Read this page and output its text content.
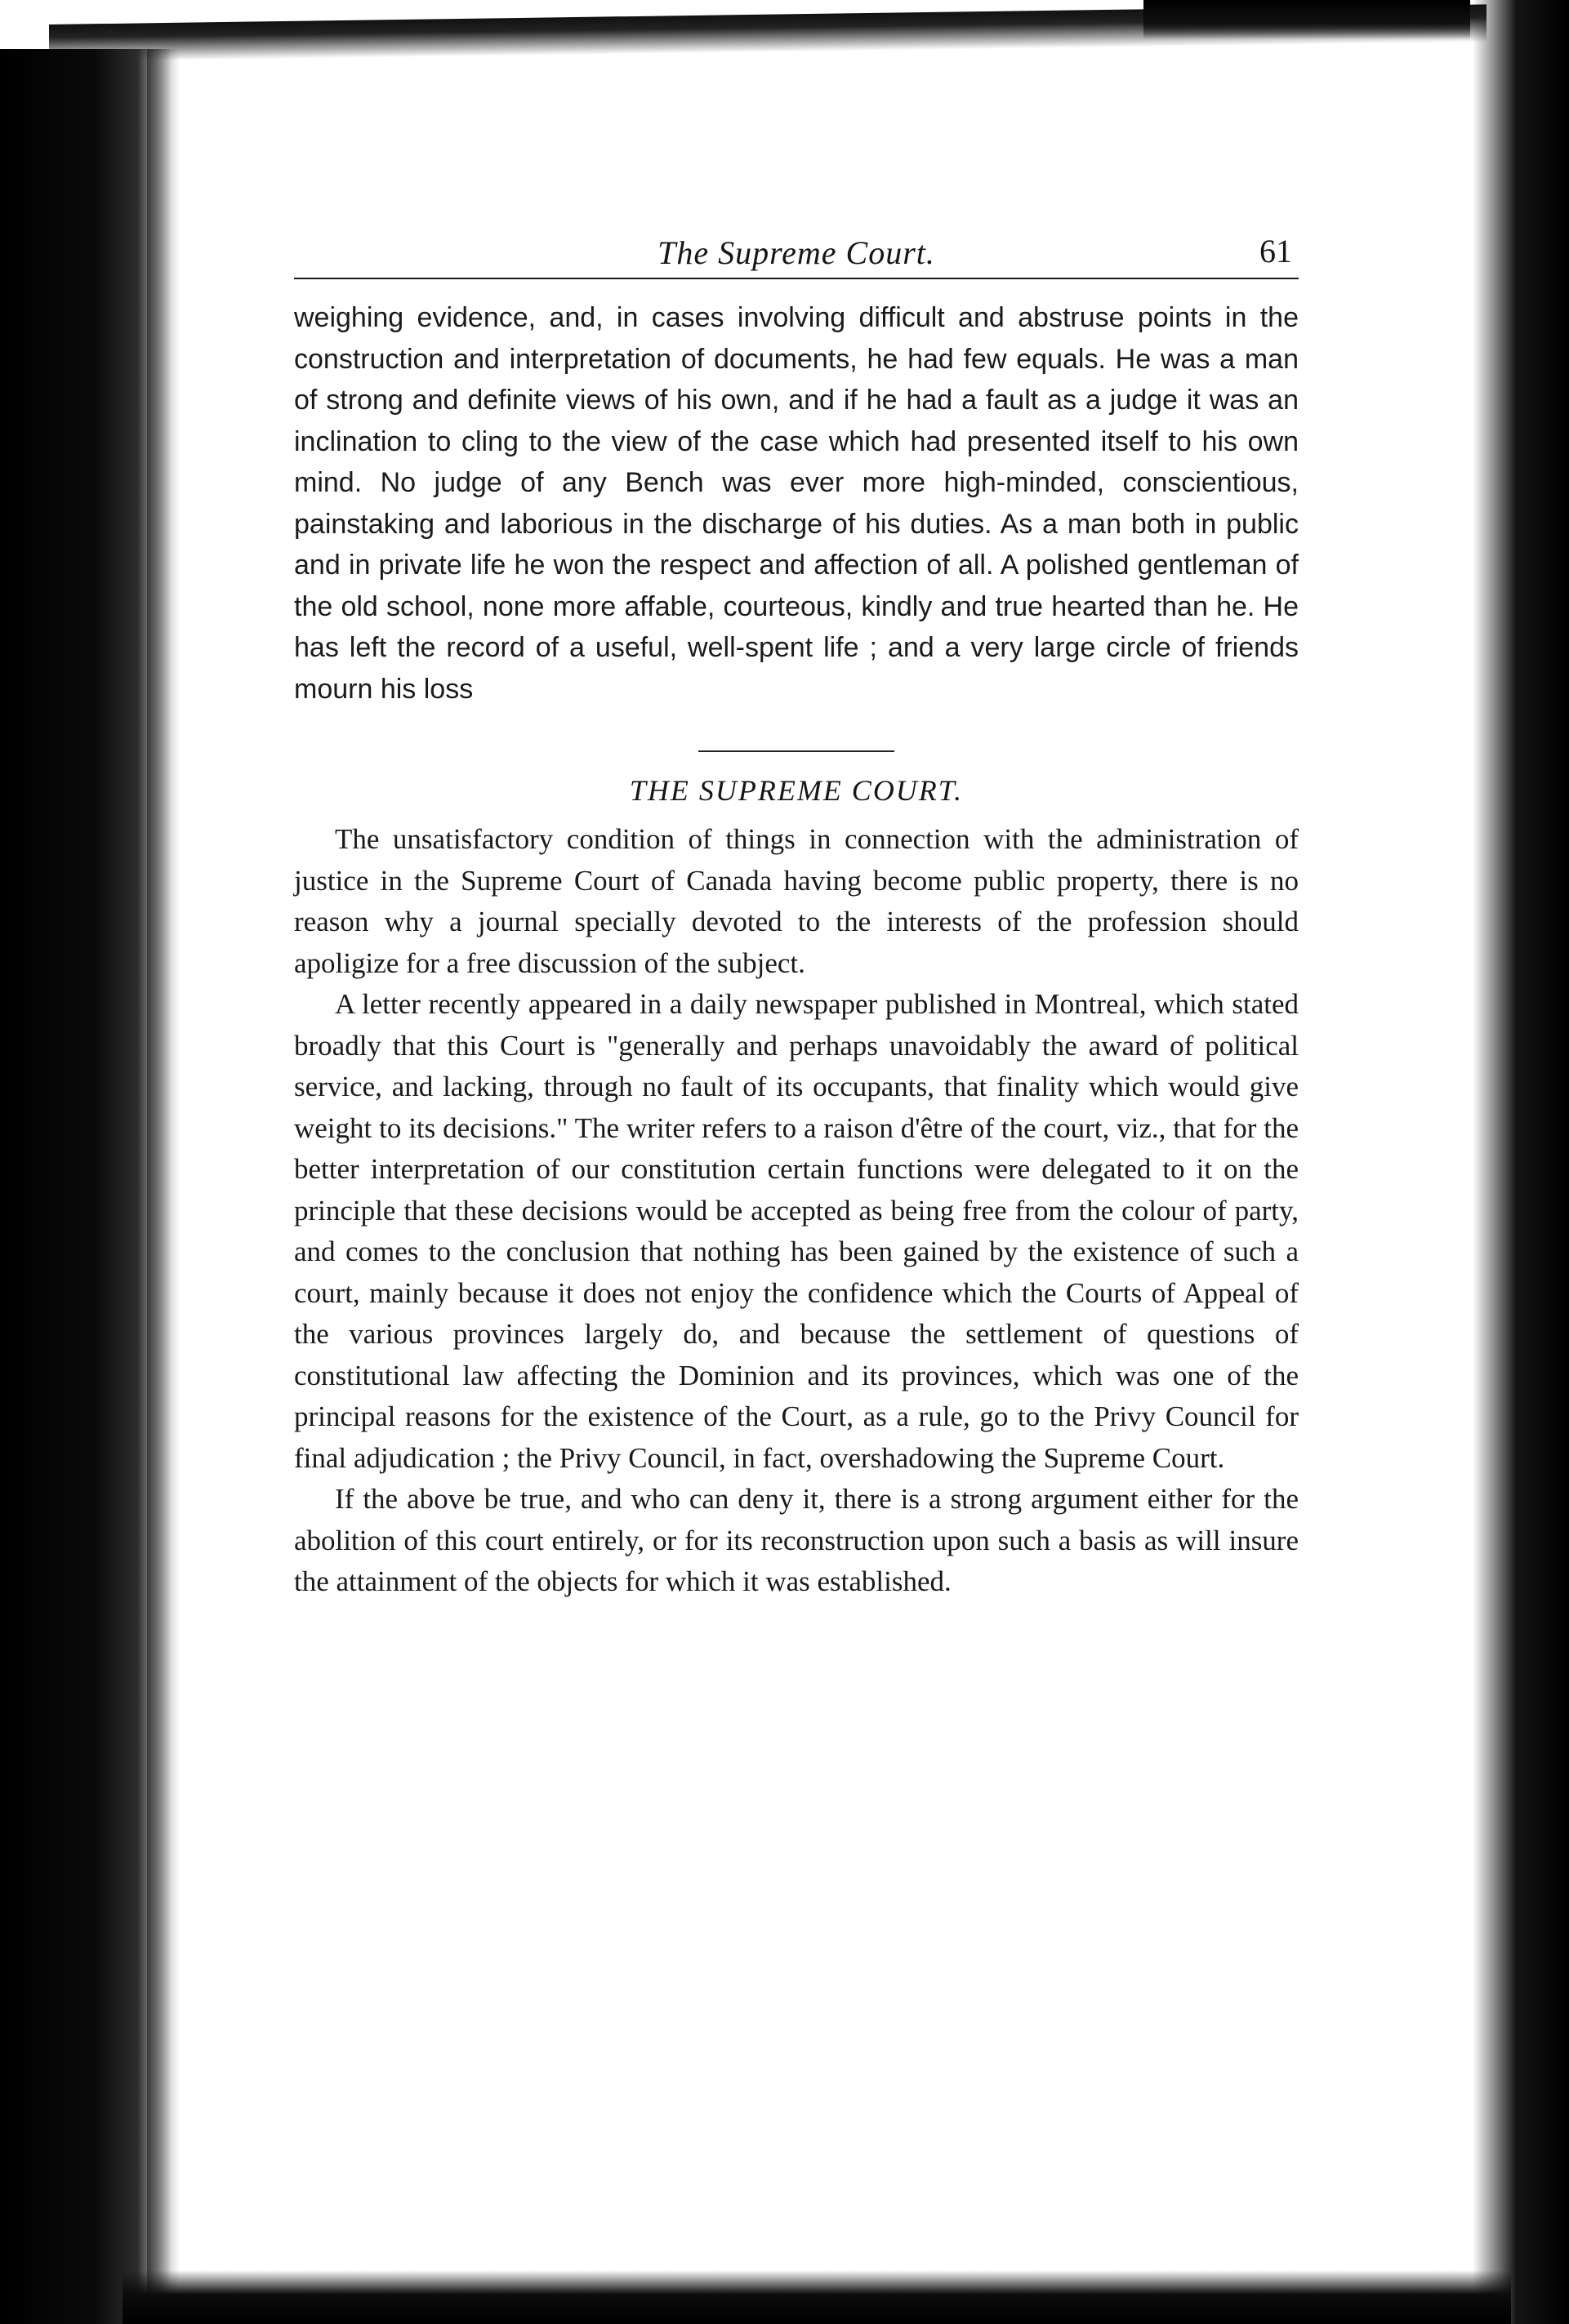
The Supreme Court.	61

weighing evidence, and, in cases involving difficult and abstruse points in the construction and interpretation of documents, he had few equals. He was a man of strong and definite views of his own, and if he had a fault as a judge it was an inclination to cling to the view of the case which had presented itself to his own mind. No judge of any Bench was ever more high-minded, conscientious, painstaking and laborious in the discharge of his duties. As a man both in public and in private life he won the respect and affection of all. A polished gentleman of the old school, none more affable, courteous, kindly and true hearted than he. He has left the record of a useful, well-spent life ; and a very large circle of friends mourn his loss

THE SUPREME COURT.

The unsatisfactory condition of things in connection with the administration of justice in the Supreme Court of Canada having become public property, there is no reason why a journal specially devoted to the interests of the profession should apoligize for a free discussion of the subject.

A letter recently appeared in a daily newspaper published in Montreal, which stated broadly that this Court is "generally and perhaps unavoidably the award of political service, and lacking, through no fault of its occupants, that finality which would give weight to its decisions." The writer refers to a raison d'être of the court, viz., that for the better interpretation of our constitution certain functions were delegated to it on the principle that these decisions would be accepted as being free from the colour of party, and comes to the conclusion that nothing has been gained by the existence of such a court, mainly because it does not enjoy the confidence which the Courts of Appeal of the various provinces largely do, and because the settlement of questions of constitutional law affecting the Dominion and its provinces, which was one of the principal reasons for the existence of the Court, as a rule, go to the Privy Council for final adjudication ; the Privy Council, in fact, overshadowing the Supreme Court.

If the above be true, and who can deny it, there is a strong argument either for the abolition of this court entirely, or for its reconstruction upon such a basis as will insure the attainment of the objects for which it was established.
